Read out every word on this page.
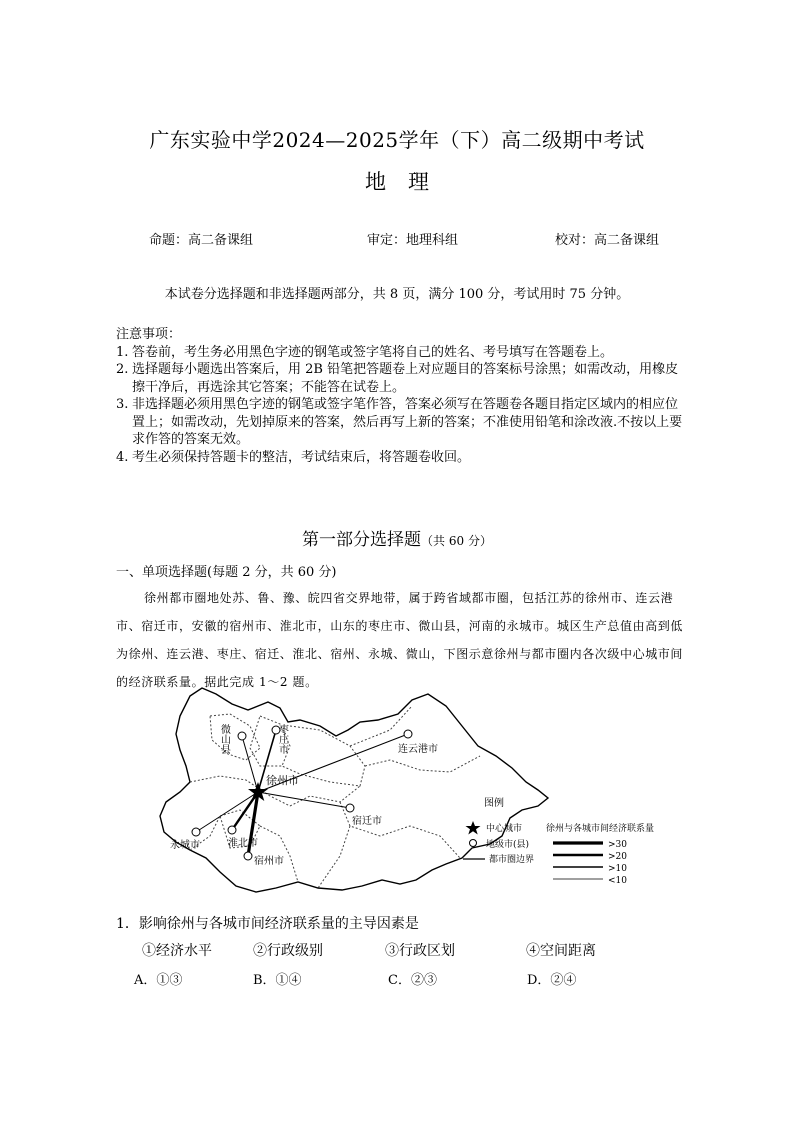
广东实验中学2024—2025学年（下）高二级期中考试
地理
命题：高二备课组	审定：地理科组	校对：高二备课组
本试卷分选择题和非选择题两部分，共 8 页，满分 100 分，考试用时 75 分钟。
注意事项：
1. 答卷前，考生务必用黑色字迹的钢笔或签字笔将自己的姓名、考号填写在答题卷上。
2. 选择题每小题选出答案后，用 2B 铅笔把答题卷上对应题目的答案标号涂黑；如需改动，用橡皮擦干净后，再选涂其它答案；不能答在试卷上。
3. 非选择题必须用黑色字迹的钢笔或签字笔作答，答案必须写在答题卷各题目指定区域内的相应位置上；如需改动，先划掉原来的答案，然后再写上新的答案；不准使用铅笔和涂改液.不按以上要求作答的答案无效。
4. 考生必须保持答题卡的整洁，考试结束后，将答题卷收回。
第一部分选择题（共 60 分）
一、单项选择题(每题 2 分，共 60 分)
徐州都市圈地处苏、鲁、豫、皖四省交界地带，属于跨省域都市圈，包括江苏的徐州市、连云港市、宿迁市，安徽的宿州市、淮北市，山东的枣庄市、微山县，河南的永城市。城区生产总值由高到低为徐州、连云港、枣庄、宿迁、淮北、宿州、永城、微山，下图示意徐州与都市圈内各次级中心城市间的经济联系量。据此完成 1～2 题。
微山县	枣庄市	连云港市
徐州市
宿迁市
永城市	淮北市
宿州市
图例
中心城市
地级市(县)
都市圈边界
徐州与各城市间经济联系量
>30
>20
>10
<10
1．影响徐州与各城市间经济联系量的主导因素是
①经济水平	②行政级别	③行政区划	④空间距离
A．①③	B．①④	C．②③	D．②④
